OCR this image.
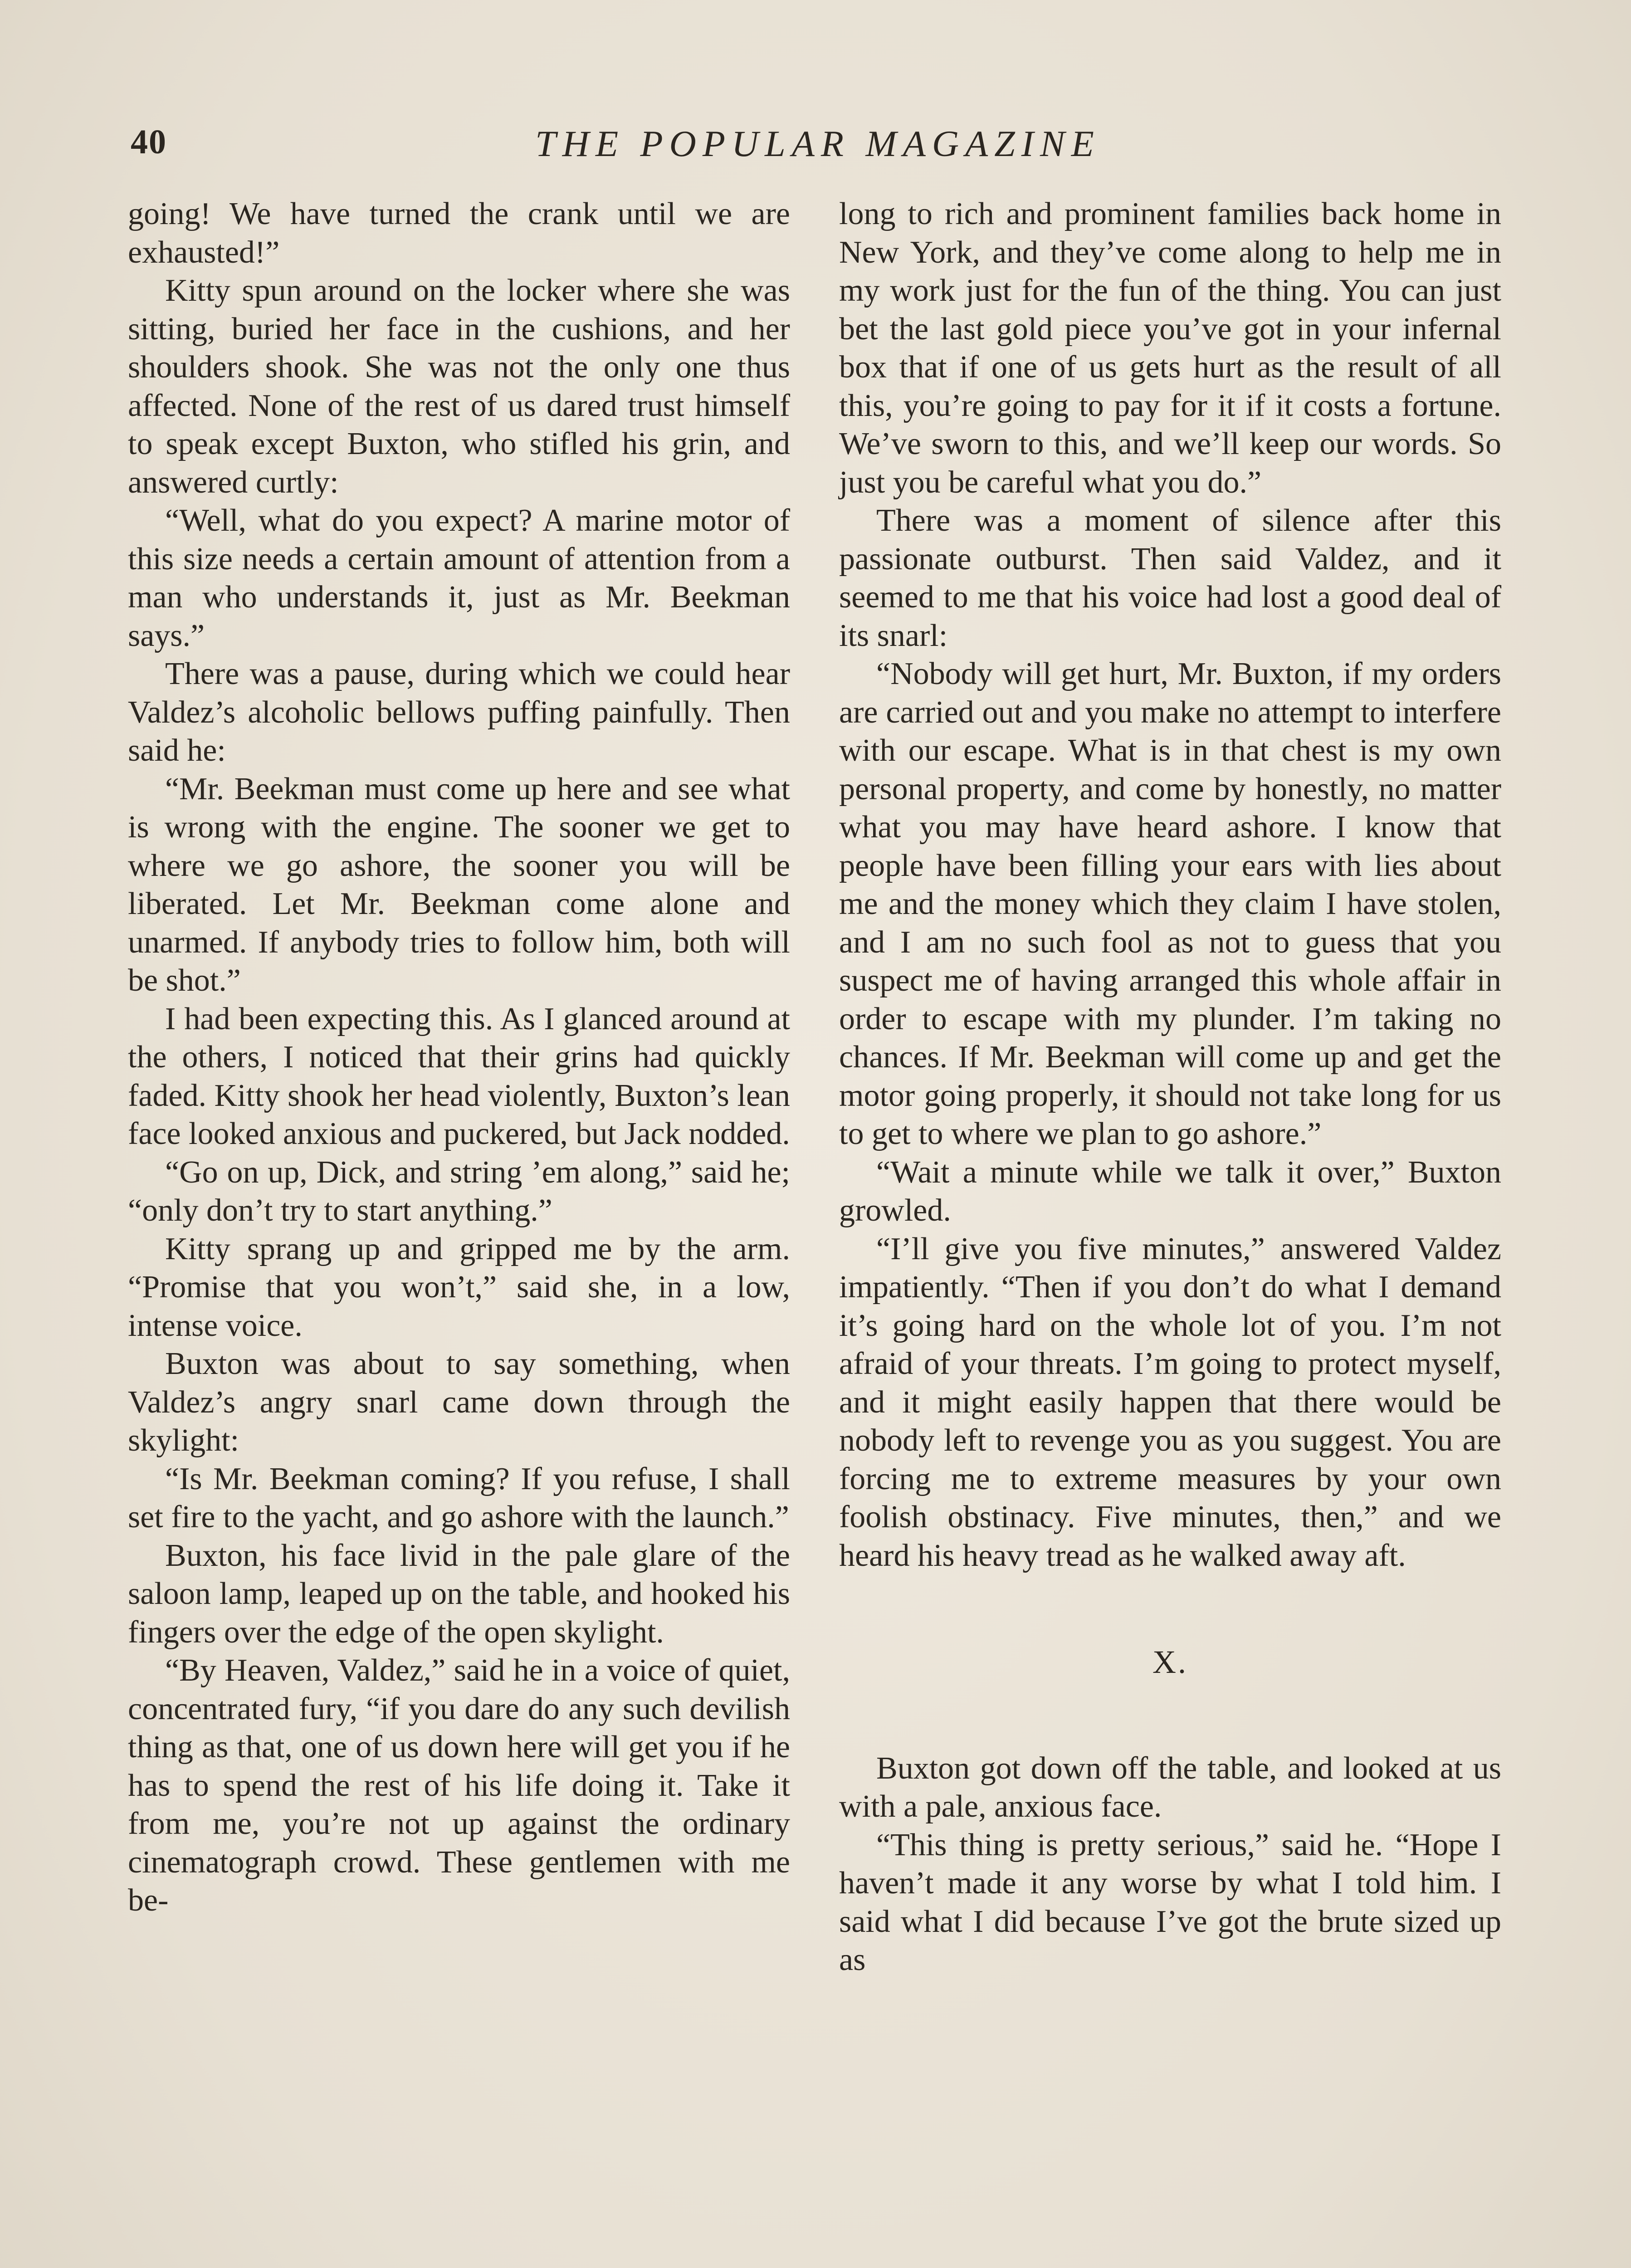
40	THE POPULAR MAGAZINE

going! We have turned the crank until we are exhausted!”

Kitty spun around on the locker where she was sitting, buried her face in the cushions, and her shoulders shook. She was not the only one thus affected. None of the rest of us dared trust himself to speak except Buxton, who stifled his grin, and answered curtly:

“Well, what do you expect? A marine motor of this size needs a certain amount of attention from a man who understands it, just as Mr. Beekman says.”

There was a pause, during which we could hear Valdez’s alcoholic bellows puffing painfully. Then said he:

“Mr. Beekman must come up here and see what is wrong with the engine. The sooner we get to where we go ashore, the sooner you will be liberated. Let Mr. Beekman come alone and unarmed. If anybody tries to follow him, both will be shot.”

I had been expecting this. As I glanced around at the others, I noticed that their grins had quickly faded. Kitty shook her head violently, Buxton’s lean face looked anxious and puckered, but Jack nodded.

“Go on up, Dick, and string ’em along,” said he; “only don’t try to start anything.”

Kitty sprang up and gripped me by the arm. “Promise that you won’t,” said she, in a low, intense voice.

Buxton was about to say something, when Valdez’s angry snarl came down through the skylight:

“Is Mr. Beekman coming? If you refuse, I shall set fire to the yacht, and go ashore with the launch.”

Buxton, his face livid in the pale glare of the saloon lamp, leaped up on the table, and hooked his fingers over the edge of the open skylight.

“By Heaven, Valdez,” said he in a voice of quiet, concentrated fury, “if you dare do any such devilish thing as that, one of us down here will get you if he has to spend the rest of his life doing it. Take it from me, you’re not up against the ordinary cinematograph crowd. These gentlemen with me be-

long to rich and prominent families back home in New York, and they’ve come along to help me in my work just for the fun of the thing. You can just bet the last gold piece you’ve got in your infernal box that if one of us gets hurt as the result of all this, you’re going to pay for it if it costs a fortune. We’ve sworn to this, and we’ll keep our words. So just you be careful what you do.”

There was a moment of silence after this passionate outburst. Then said Valdez, and it seemed to me that his voice had lost a good deal of its snarl:

“Nobody will get hurt, Mr. Buxton, if my orders are carried out and you make no attempt to interfere with our escape. What is in that chest is my own personal property, and come by honestly, no matter what you may have heard ashore. I know that people have been filling your ears with lies about me and the money which they claim I have stolen, and I am no such fool as not to guess that you suspect me of having arranged this whole affair in order to escape with my plunder. I’m taking no chances. If Mr. Beekman will come up and get the motor going properly, it should not take long for us to get to where we plan to go ashore.”

“Wait a minute while we talk it over,” Buxton growled.

“I’ll give you five minutes,” answered Valdez impatiently. “Then if you don’t do what I demand it’s going hard on the whole lot of you. I’m not afraid of your threats. I’m going to protect myself, and it might easily happen that there would be nobody left to revenge you as you suggest. You are forcing me to extreme measures by your own foolish obstinacy. Five minutes, then,” and we heard his heavy tread as he walked away aft.

X.

Buxton got down off the table, and looked at us with a pale, anxious face.

“This thing is pretty serious,” said he. “Hope I haven’t made it any worse by what I told him. I said what I did because I’ve got the brute sized up as
